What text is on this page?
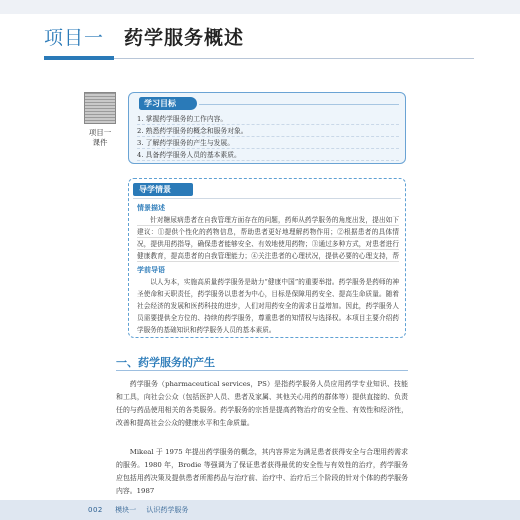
项目一 药学服务概述
项目一
课件
学习目标
1. 掌握药学服务的工作内容。
2. 熟悉药学服务的概念和服务对象。
3. 了解药学服务的产生与发展。
4. 具备药学服务人员的基本素质。
导学情景
情景描述
针对糖尿病患者在自我管理方面存在的问题，药师从药学服务的角度出发，提出如下建议：①提供个性化的药物信息，帮助患者更好地理解药物作用；②根据患者的具体情况，提供用药指导，确保患者能够安全、有效地使用药物；③通过多种方式，对患者进行健康教育，提高患者的自我管理能力；④关注患者的心理状况，提供必要的心理支持，帮
学前导语
以人为本，实施高质量药学服务是助力“健康中国”的重要举措。药学服务是药师的神圣使命和天职责任，药学服务以患者为中心，目标是保障用药安全、提高生命质量。随着社会经济的发展和医药科技的进步，人们对用药安全的需求日益增加。因此，药学服务人员需要提供全方位的、持续的药学服务，尊重患者的知情权与选择权。本项目主要介绍药学服务的基础知识和药学服务人员的基本素质。
一、药学服务的产生
药学服务（pharmaceutical services，PS）是指药学服务人员应用药学专业知识、技能和工具，向社会公众（包括医护人员、患者及家属、其他关心用药的群体等）提供直接的、负责任的与药品使用相关的各类服务。药学服务的宗旨是提高药物治疗的安全性、有效性和经济性，改善和提高社会公众的健康水平和生命质量。
Mikeal 于 1975 年提出药学服务的概念，其内容界定为满足患者获得安全与合理用药需求的服务。1980 年，Brodie 等强调为了保证患者获得最优的安全性与有效性的治疗，药学服务应包括用药决策及提供患者所需药品与治疗前、治疗中、治疗后三个阶段的针对个体的药学服务内容。1987
002 模块一 认识药学服务
